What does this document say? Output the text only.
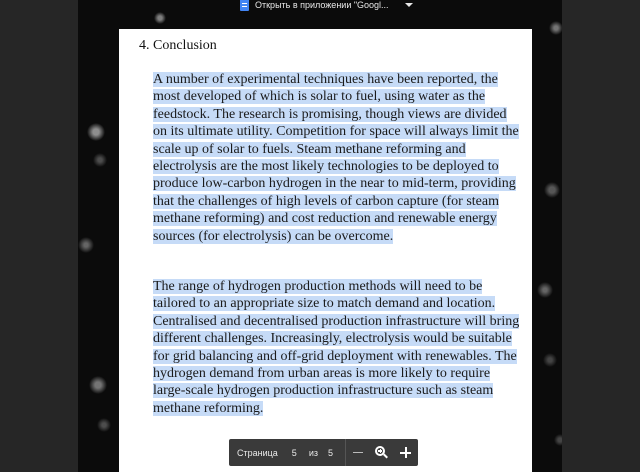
Открыть в приложении "Googl...
4. Conclusion
A number of experimental techniques have been reported, the most developed of which is solar to fuel, using water as the feedstock. The research is promising, though views are divided on its ultimate utility. Competition for space will always limit the scale up of solar to fuels. Steam methane reforming and electrolysis are the most likely technologies to be deployed to produce low-carbon hydrogen in the near to mid-term, providing that the challenges of high levels of carbon capture (for steam methane reforming) and cost reduction and renewable energy sources (for electrolysis) can be overcome.
The range of hydrogen production methods will need to be tailored to an appropriate size to match demand and location. Centralised and decentralised production infrastructure will bring different challenges. Increasingly, electrolysis would be suitable for grid balancing and off-grid deployment with renewables. The hydrogen demand from urban areas is more likely to require large-scale hydrogen production infrastructure such as steam methane reforming.
Страница 5 из 5
